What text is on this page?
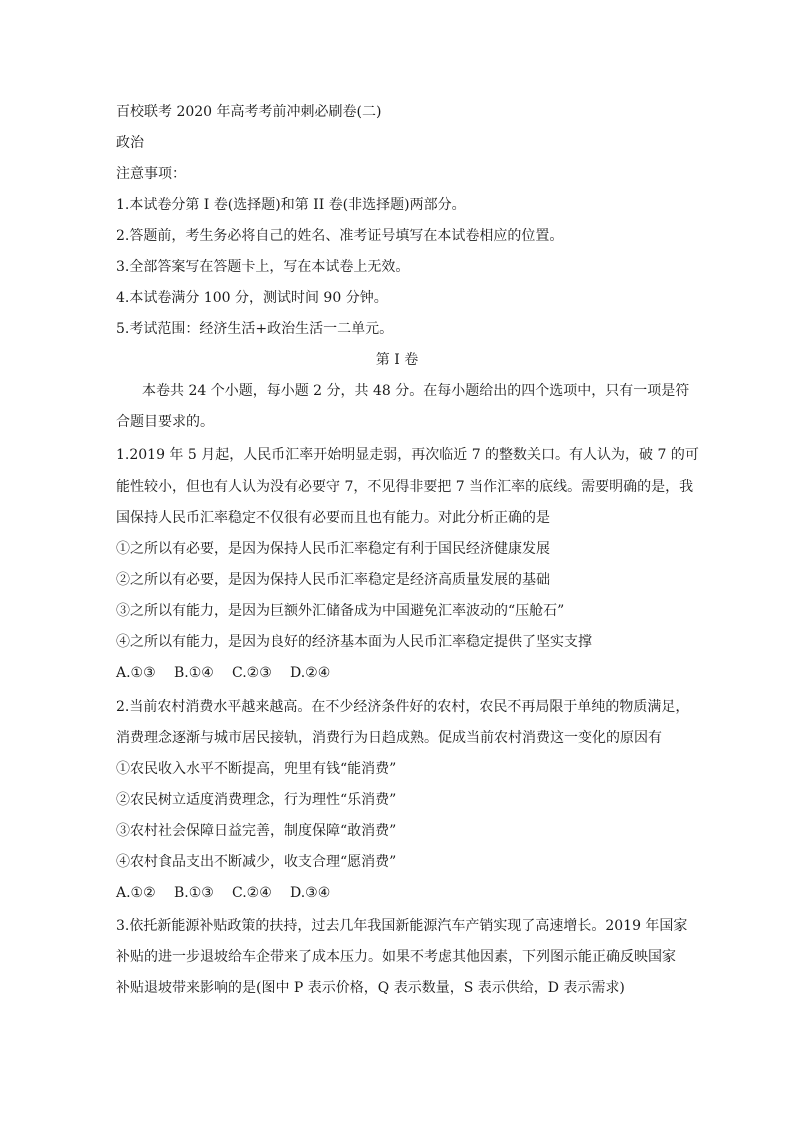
百校联考 2020 年高考考前冲刺必刷卷(二)
政治
注意事项：
1.本试卷分第 I 卷(选择题)和第 II 卷(非选择题)两部分。
2.答题前，考生务必将自己的姓名、准考证号填写在本试卷相应的位置。
3.全部答案写在答题卡上，写在本试卷上无效。
4.本试卷满分 100 分，测试时间 90 分钟。
5.考试范围：经济生活+政治生活一二单元。
第 I 卷
本卷共 24 个小题，每小题 2 分，共 48 分。在每小题给出的四个选项中，只有一项是符
合题目要求的。
1.2019 年 5 月起，人民币汇率开始明显走弱，再次临近 7 的整数关口。有人认为，破 7 的可
能性较小，但也有人认为没有必要守 7，不见得非要把 7 当作汇率的底线。需要明确的是，我
国保持人民币汇率稳定不仅很有必要而且也有能力。对此分析正确的是
①之所以有必要，是因为保持人民币汇率稳定有利于国民经济健康发展
②之所以有必要，是因为保持人民币汇率稳定是经济高质量发展的基础
③之所以有能力，是因为巨额外汇储备成为中国避免汇率波动的“压舱石”
④之所以有能力，是因为良好的经济基本面为人民币汇率稳定提供了坚实支撑
A.①③	B.①④	C.②③	D.②④
2.当前农村消费水平越来越高。在不少经济条件好的农村，农民不再局限于单纯的物质满足，
消费理念逐渐与城市居民接轨，消费行为日趋成熟。促成当前农村消费这一变化的原因有
①农民收入水平不断提高，兜里有钱“能消费”
②农民树立适度消费理念，行为理性“乐消费”
③农村社会保障日益完善，制度保障“敢消费”
④农村食品支出不断减少，收支合理“愿消费”
A.①②	B.①③	C.②④	D.③④
3.依托新能源补贴政策的扶持，过去几年我国新能源汽车产销实现了高速增长。2019 年国家
补贴的进一步退坡给车企带来了成本压力。如果不考虑其他因素，下列图示能正确反映国家
补贴退坡带来影响的是(图中 P 表示价格，Q 表示数量，S 表示供给，D 表示需求)
